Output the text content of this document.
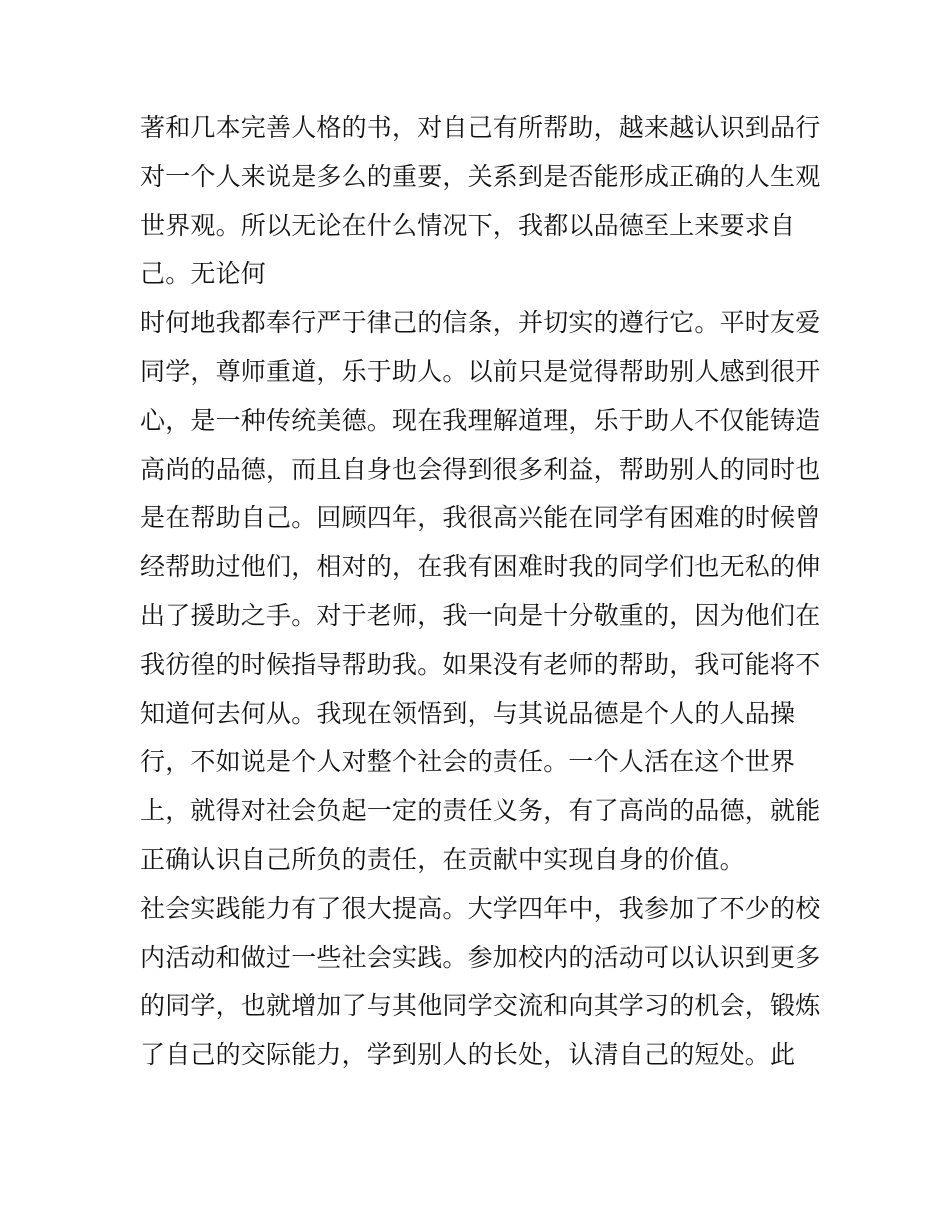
著和几本完善人格的书，对自己有所帮助，越来越认识到品行
对一个人来说是多么的重要，关系到是否能形成正确的人生观
世界观。所以无论在什么情况下，我都以品德至上来要求自
己。无论何
时何地我都奉行严于律己的信条，并切实的遵行它。平时友爱
同学，尊师重道，乐于助人。以前只是觉得帮助别人感到很开
心，是一种传统美德。现在我理解道理，乐于助人不仅能铸造
高尚的品德，而且自身也会得到很多利益，帮助别人的同时也
是在帮助自己。回顾四年，我很高兴能在同学有困难的时候曾
经帮助过他们，相对的，在我有困难时我的同学们也无私的伸
出了援助之手。对于老师，我一向是十分敬重的，因为他们在
我彷徨的时候指导帮助我。如果没有老师的帮助，我可能将不
知道何去何从。我现在领悟到，与其说品德是个人的人品操
行，不如说是个人对整个社会的责任。一个人活在这个世界
上，就得对社会负起一定的责任义务，有了高尚的品德，就能
正确认识自己所负的责任，在贡献中实现自身的价值。
社会实践能力有了很大提高。大学四年中，我参加了不少的校
内活动和做过一些社会实践。参加校内的活动可以认识到更多
的同学，也就增加了与其他同学交流和向其学习的机会，锻炼
了自己的交际能力，学到别人的长处，认清自己的短处。此
